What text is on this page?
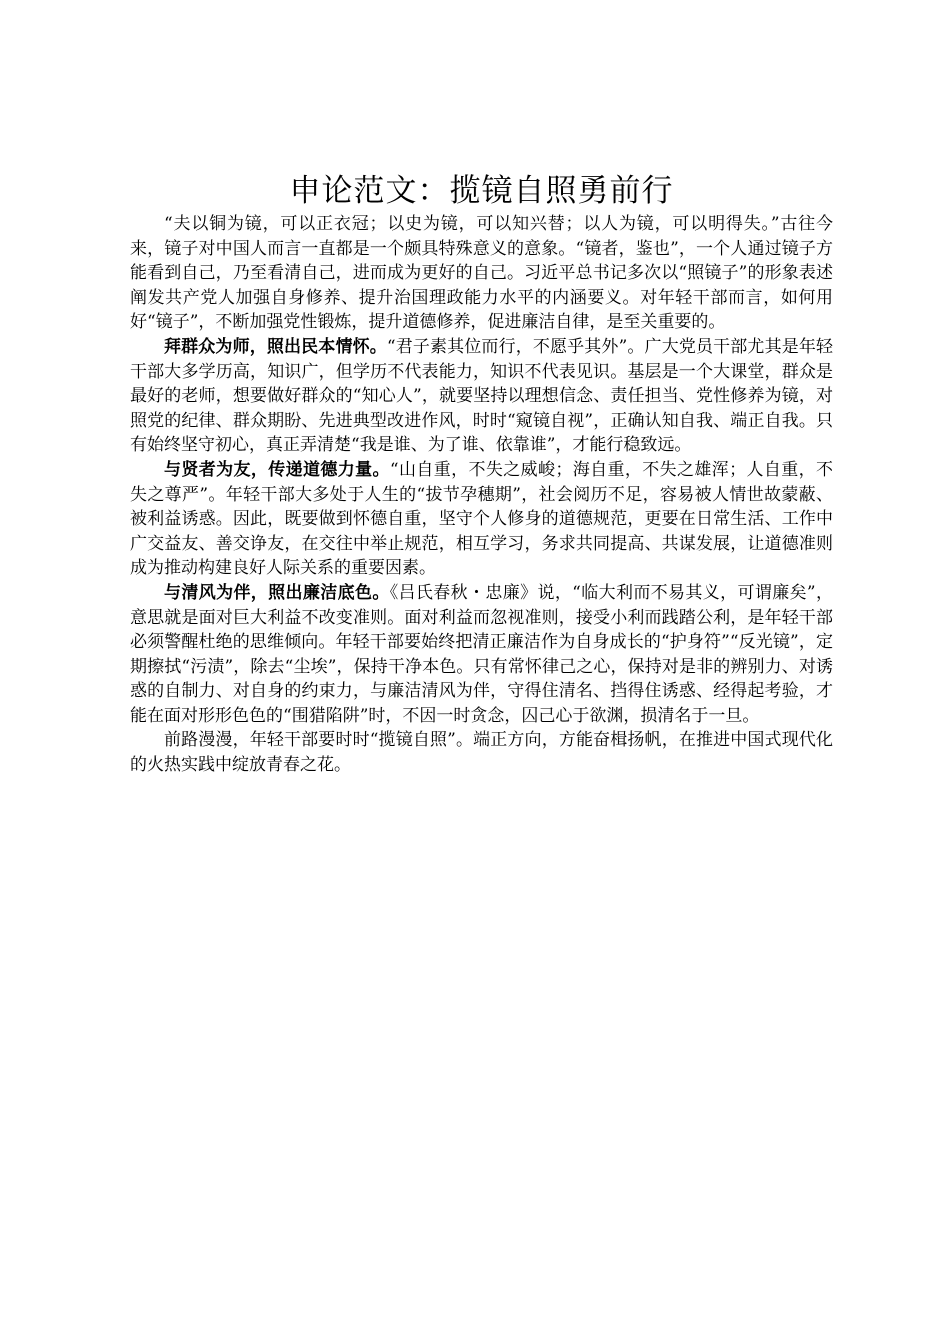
申论范文：揽镜自照勇前行

“夫以铜为镜，可以正衣冠；以史为镜，可以知兴替；以人为镜，可以明得失。”古往今来，镜子对中国人而言一直都是一个颇具特殊意义的意象。“镜者，鉴也”，一个人通过镜子方能看到自己，乃至看清自己，进而成为更好的自己。习近平总书记多次以“照镜子”的形象表述阐发共产党人加强自身修养、提升治国理政能力水平的内涵要义。对年轻干部而言，如何用好“镜子”，不断加强党性锻炼，提升道德修养，促进廉洁自律，是至关重要的。

拜群众为师，照出民本情怀。“君子素其位而行，不愿乎其外”。广大党员干部尤其是年轻干部大多学历高，知识广，但学历不代表能力，知识不代表见识。基层是一个大课堂，群众是最好的老师，想要做好群众的“知心人”，就要坚持以理想信念、责任担当、党性修养为镜，对照党的纪律、群众期盼、先进典型改进作风，时时“窥镜自视”，正确认知自我、端正自我。只有始终坚守初心，真正弄清楚“我是谁、为了谁、依靠谁”，才能行稳致远。

与贤者为友，传递道德力量。“山自重，不失之威峻；海自重，不失之雄浑；人自重，不失之尊严”。年轻干部大多处于人生的“拔节孕穗期”，社会阅历不足，容易被人情世故蒙蔽、被利益诱惑。因此，既要做到怀德自重，坚守个人修身的道德规范，更要在日常生活、工作中广交益友、善交诤友，在交往中举止规范，相互学习，务求共同提高、共谋发展，让道德准则成为推动构建良好人际关系的重要因素。

与清风为伴，照出廉洁底色。《吕氏春秋・忠廉》说，“临大利而不易其义，可谓廉矣”，意思就是面对巨大利益不改变准则。面对利益而忽视准则，接受小利而践踏公利，是年轻干部必须警醒杜绝的思维倾向。年轻干部要始终把清正廉洁作为自身成长的“护身符”“反光镜”，定期擦拭“污渍”，除去“尘埃”，保持干净本色。只有常怀律己之心，保持对是非的辨别力、对诱惑的自制力、对自身的约束力，与廉洁清风为伴，守得住清名、挡得住诱惑、经得起考验，才能在面对形形色色的“围猎陷阱”时，不因一时贪念，囚己心于欲渊，损清名于一旦。

前路漫漫，年轻干部要时时“揽镜自照”。端正方向，方能奋楫扬帆，在推进中国式现代化的火热实践中绽放青春之花。
